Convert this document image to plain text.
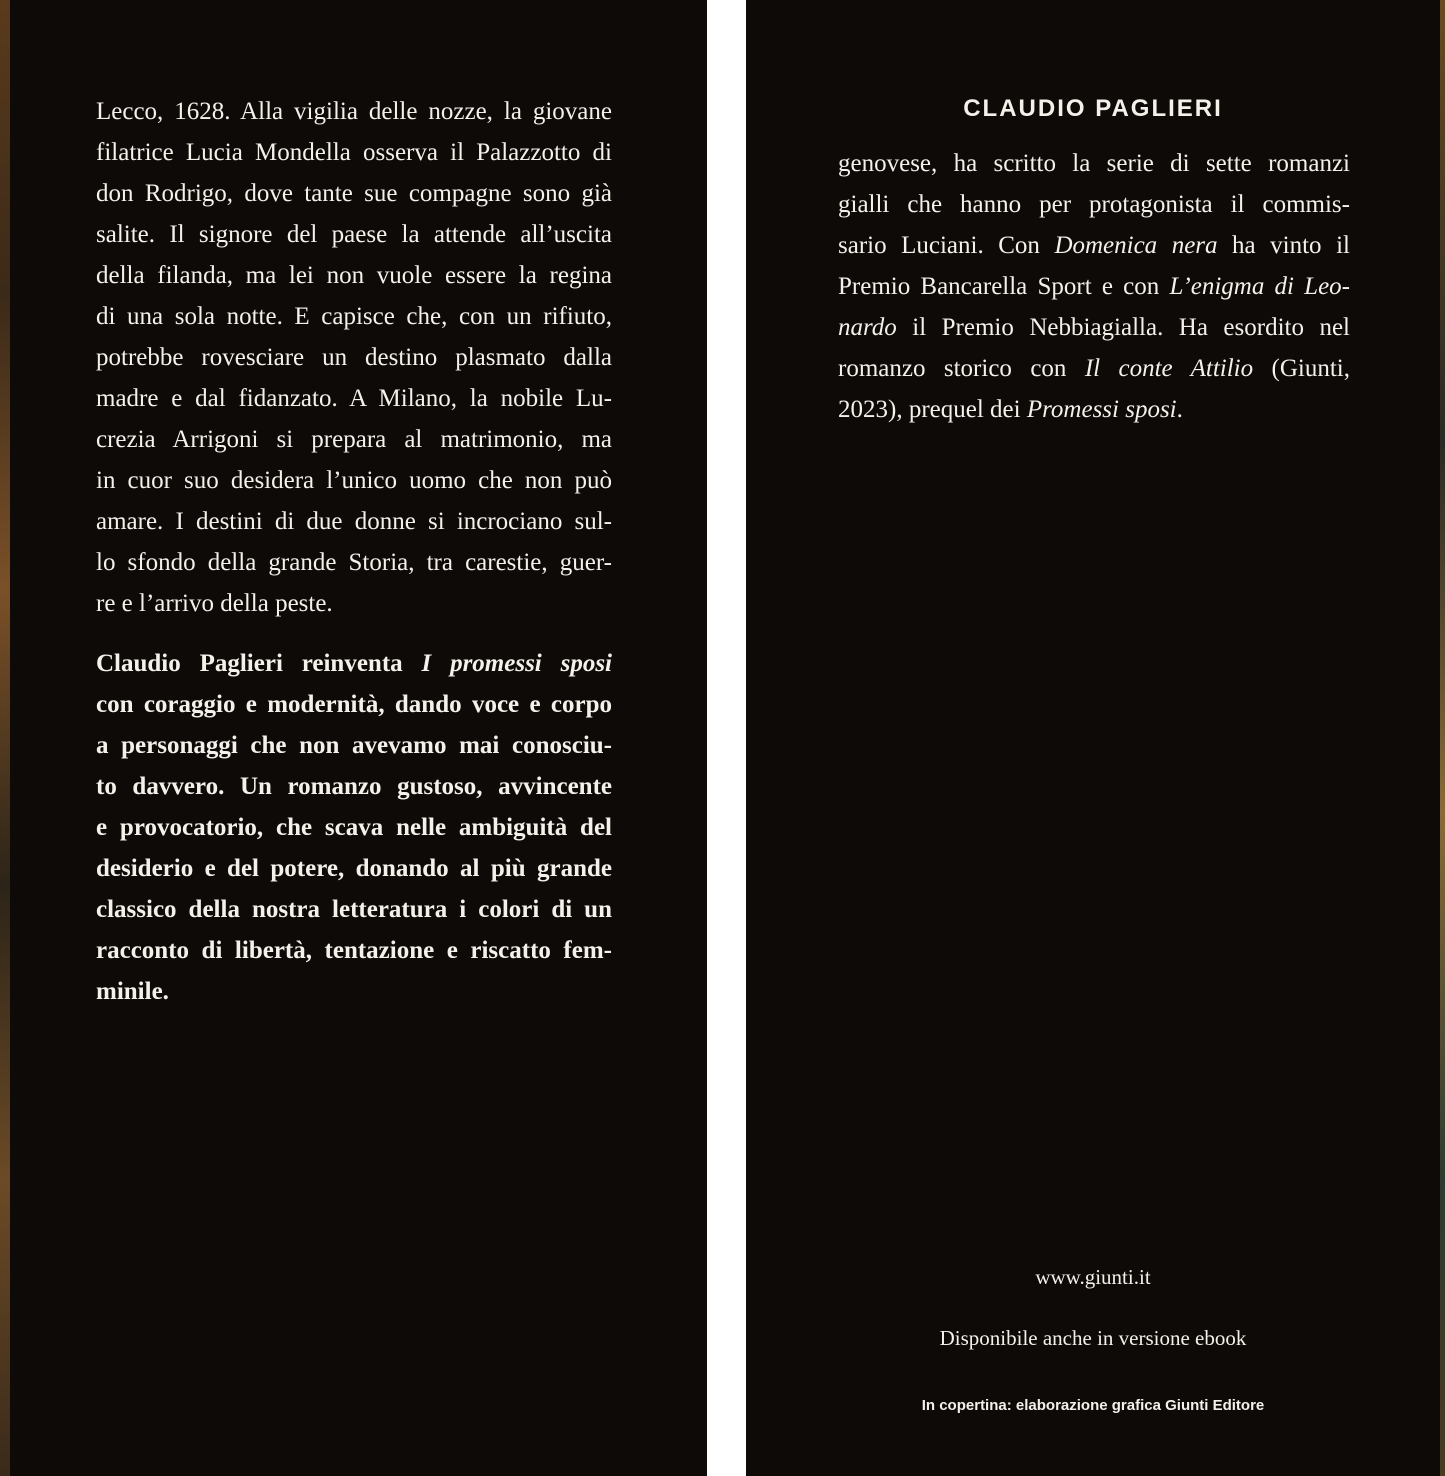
Lecco, 1628. Alla vigilia delle nozze, la giovane
filatrice Lucia Mondella osserva il Palazzotto di
don Rodrigo, dove tante sue compagne sono già
salite. Il signore del paese la attende all’uscita
della filanda, ma lei non vuole essere la regina
di una sola notte. E capisce che, con un rifiuto,
potrebbe rovesciare un destino plasmato dalla
madre e dal fidanzato. A Milano, la nobile Lu-
crezia Arrigoni si prepara al matrimonio, ma
in cuor suo desidera l’unico uomo che non può
amare. I destini di due donne si incrociano sul-
lo sfondo della grande Storia, tra carestie, guer-
re e l’arrivo della peste.
Claudio Paglieri reinventa I promessi sposi
con coraggio e modernità, dando voce e corpo
a personaggi che non avevamo mai conosciu-
to davvero. Un romanzo gustoso, avvincente
e provocatorio, che scava nelle ambiguità del
desiderio e del potere, donando al più grande
classico della nostra letteratura i colori di un
racconto di libertà, tentazione e riscatto fem-
minile.
CLAUDIO PAGLIERI
genovese, ha scritto la serie di sette romanzi
gialli che hanno per protagonista il commis-
sario Luciani. Con Domenica nera ha vinto il
Premio Bancarella Sport e con L’enigma di Leo-
nardo il Premio Nebbiagialla. Ha esordito nel
romanzo storico con Il conte Attilio (Giunti,
2023), prequel dei Promessi sposi.

www.giunti.it

Disponibile anche in versione ebook

In copertina: elaborazione grafica Giunti Editore
